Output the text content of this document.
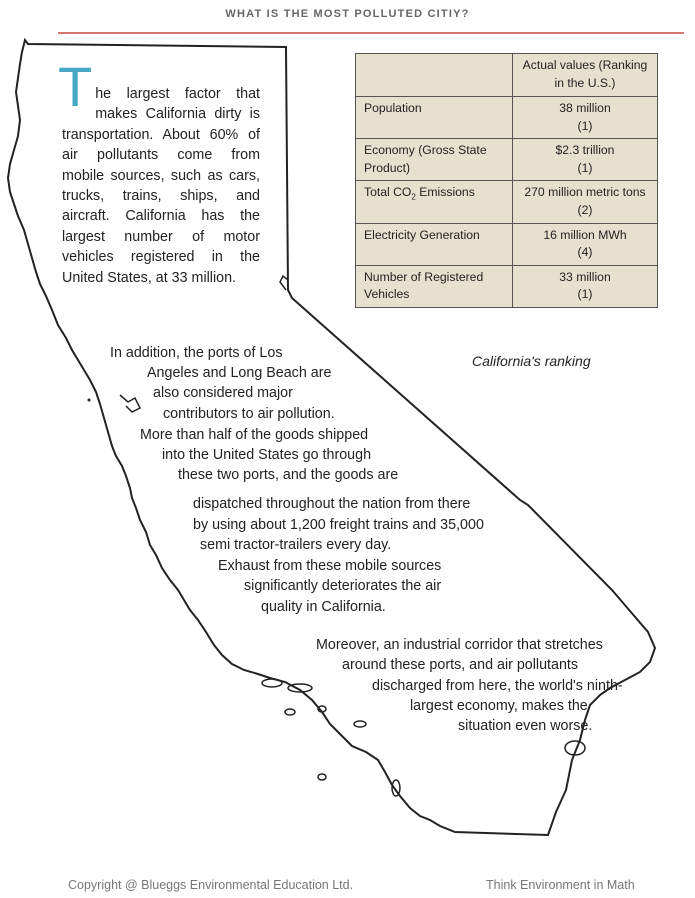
WHAT IS THE MOST POLLUTED CITIY?
T he largest factor that makes California dirty is transportation. About 60% of air pollutants come from mobile sources, such as cars, trucks, trains, ships, and aircraft. California has the largest number of motor vehicles registered in the United States, at 33 million.
	Actual values (Ranking in the U.S.)
Population	38 million
(1)
Economy (Gross State Product)	$2.3 trillion
(1)
Total $CO_2$ Emissions	270 million metric tons
(2)
Electricity Generation	16 million MWh
(4)
Number of Registered Vehicles	33 million
(1)
California's ranking
In addition, the ports of Los
Angeles and Long Beach are
also considered major
contributors to air pollution.
More than half of the goods shipped
into the United States go through
these two ports, and the goods are
dispatched throughout the nation from there
by using about 1,200 freight trains and 35,000
semi tractor-trailers every day.
Exhaust from these mobile sources
significantly deteriorates the air
quality in California.
Moreover, an industrial corridor that stretches
around these ports, and air pollutants
discharged from here, the world's ninth-
largest economy, makes the
situation even worse.
Copyright @ Blueggs Environmental Education Ltd.	Think Environment in Math
